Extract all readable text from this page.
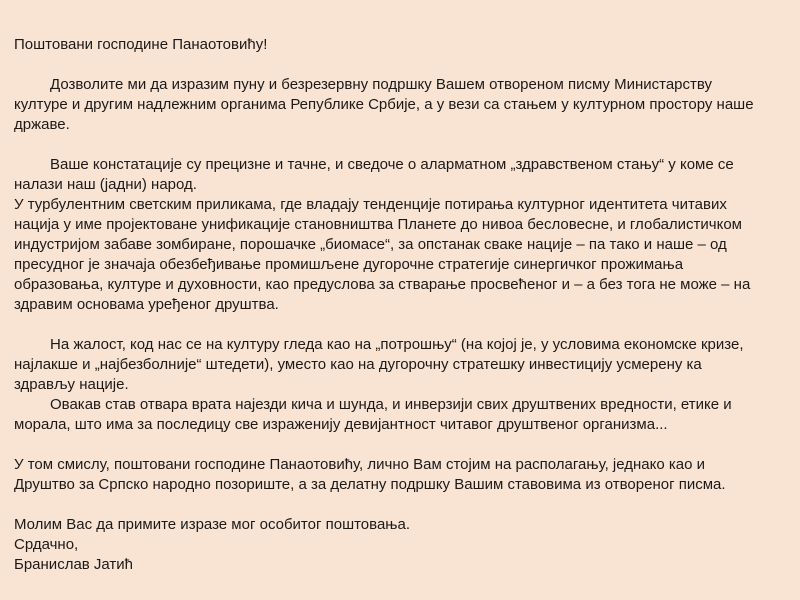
Поштовани господине Панаотовићу!
Дозволите ми да изразим пуну и безрезервну подршку Вашем отвореном писму Министарству
културе и другим надлежним органима Републике Србије, а у вези са стањем у културном простору наше
државе.
Ваше констатације су прецизне и тачне, и сведоче о аларматном „здравственом стању“ у коме се
налази наш (јадни) народ.
У турбулентним светским приликама, где владају тенденције потирања културног идентитета читавих
нација у име пројектоване унификације становништва Планете до нивоа бесловесне, и глобалистичком
индустријом забаве зомбиране, порошачке „биомасе“, за опстанак сваке нације – па тако и наше – од
пресудног је значаја обезбеђивање промишљене дугорочне стратегије синергичког прожимања
образовања, културе и духовности, као предуслова за стварање просвећеног и – а без тога не може – на
здравим основама уређеног друштва.
На жалост, код нас се на културу гледа као на „потрошњу“ (на којој је, у условима економске кризе,
најлакше и „најбезболније“ штедети), уместо као на дугорочну стратешку инвестицију усмерену ка
здрављу нације.
Овакав став отвара врата најезди кича и шунда, и инверзији свих друштвених вредности, етике и
морала, што има за последицу све израженију девијантност читавог друштвеног организма...
У том смислу, поштовани господине Панаотовићу, лично Вам стојим на располагању, једнако као и
Друштво за Српско народно позориште, а за делатну подршку Вашим ставовима из отвореног писма.
Молим Вас да примите изразе мог особитог поштовања.
Срдачно,
Бранислав Јатић
